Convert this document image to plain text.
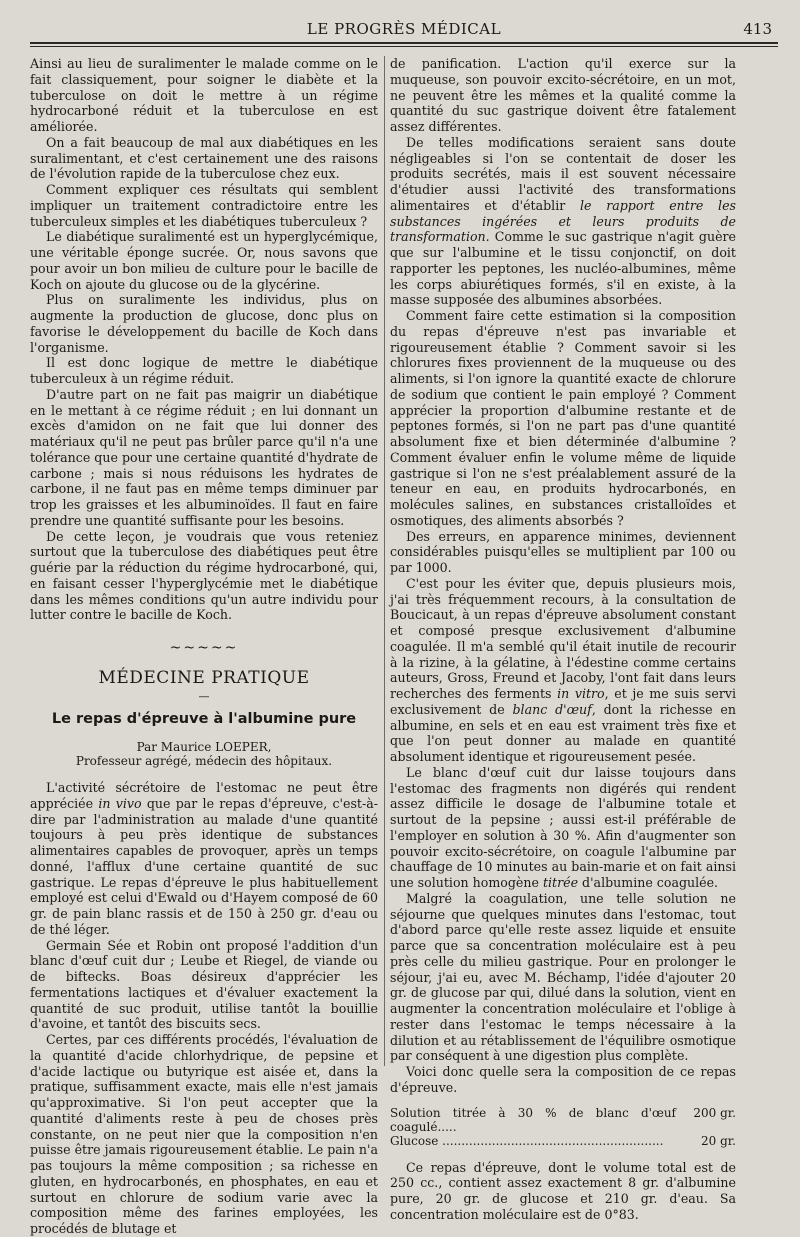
LE PROGRÈS MÉDICAL	413

Ainsi au lieu de suralimenter le malade comme on le fait classiquement, pour soigner le diabète et la tuberculose on doit le mettre à un régime hydrocarboné réduit et la tuberculose en est améliorée.

On a fait beaucoup de mal aux diabétiques en les suralimentant, et c'est certainement une des raisons de l'évolution rapide de la tuberculose chez eux.

Comment expliquer ces résultats qui semblent impliquer un traitement contradictoire entre les tuberculeux simples et les diabétiques tuberculeux ?

Le diabétique suralimenté est un hyperglycémique, une véritable éponge sucrée. Or, nous savons que pour avoir un bon milieu de culture pour le bacille de Koch on ajoute du glucose ou de la glycérine.

Plus on suralimente les individus, plus on augmente la production de glucose, donc plus on favorise le développement du bacille de Koch dans l'organisme.

Il est donc logique de mettre le diabétique tuberculeux à un régime réduit.

D'autre part on ne fait pas maigrir un diabétique en le mettant à ce régime réduit ; en lui donnant un excès d'amidon on ne fait que lui donner des matériaux qu'il ne peut pas brûler parce qu'il n'a une tolérance que pour une certaine quantité d'hydrate de carbone ; mais si nous réduisons les hydrates de carbone, il ne faut pas en même temps diminuer par trop les graisses et les albuminoïdes. Il faut en faire prendre une quantité suffisante pour les besoins.

De cette leçon, je voudrais que vous reteniez surtout que la tuberculose des diabétiques peut être guérie par la réduction du régime hydrocarboné, qui, en faisant cesser l'hyperglycémie met le diabétique dans les mêmes conditions qu'un autre individu pour lutter contre le bacille de Koch.

~~~~~
MÉDECINE PRATIQUE
—
Le repas d'épreuve à l'albumine pure
Par Maurice LOEPER,
Professeur agrégé, médecin des hôpitaux.

L'activité sécrétoire de l'estomac ne peut être appréciée in vivo que par le repas d'épreuve, c'est-à-dire par l'administration au malade d'une quantité toujours à peu près identique de substances alimentaires capables de provoquer, après un temps donné, l'afflux d'une certaine quantité de suc gastrique. Le repas d'épreuve le plus habituellement employé est celui d'Ewald ou d'Hayem composé de 60 gr. de pain blanc rassis et de 150 à 250 gr. d'eau ou de thé léger.

Germain Sée et Robin ont proposé l'addition d'un blanc d'œuf cuit dur ; Leube et Riegel, de viande ou de biftecks. Boas désireux d'apprécier les fermentations lactiques et d'évaluer exactement la quantité de suc produit, utilise tantôt la bouillie d'avoine, et tantôt des biscuits secs.

Certes, par ces différents procédés, l'évaluation de la quantité d'acide chlorhydrique, de pepsine et d'acide lactique ou butyrique est aisée et, dans la pratique, suffisamment exacte, mais elle n'est jamais qu'approximative. Si l'on peut accepter que la quantité d'aliments reste à peu de choses près constante, on ne peut nier que la composition n'en puisse être jamais rigoureusement établie. Le pain n'a pas toujours la même composition ; sa richesse en gluten, en hydrocarbonés, en phosphates, en eau et surtout en chlorure de sodium varie avec la composition même des farines employées, les procédés de blutage et

de panification. L'action qu'il exerce sur la muqueuse, son pouvoir excito-sécrétoire, en un mot, ne peuvent être les mêmes et la qualité comme la quantité du suc gastrique doivent être fatalement assez différentes.

De telles modifications seraient sans doute négligeables si l'on se contentait de doser les produits secrétés, mais il est souvent nécessaire d'étudier aussi l'activité des transformations alimentaires et d'établir le rapport entre les substances ingérées et leurs produits de transformation. Comme le suc gastrique n'agit guère que sur l'albumine et le tissu conjonctif, on doit rapporter les peptones, les nucléo-albumines, même les corps abiurétiques formés, s'il en existe, à la masse supposée des albumines absorbées.

Comment faire cette estimation si la composition du repas d'épreuve n'est pas invariable et rigoureusement établie ? Comment savoir si les chlorures fixes proviennent de la muqueuse ou des aliments, si l'on ignore la quantité exacte de chlorure de sodium que contient le pain employé ? Comment apprécier la proportion d'albumine restante et de peptones formés, si l'on ne part pas d'une quantité absolument fixe et bien déterminée d'albumine ? Comment évaluer enfin le volume même de liquide gastrique si l'on ne s'est préalablement assuré de la teneur en eau, en produits hydrocarbonés, en molécules salines, en substances cristalloïdes et osmotiques, des aliments absorbés ?

Des erreurs, en apparence minimes, deviennent considérables puisqu'elles se multiplient par 100 ou par 1000.

C'est pour les éviter que, depuis plusieurs mois, j'ai très fréquemment recours, à la consultation de Boucicaut, à un repas d'épreuve absolument constant et composé presque exclusivement d'albumine coagulée. Il m'a semblé qu'il était inutile de recourir à la rizine, à la gélatine, à l'édestine comme certains auteurs, Gross, Freund et Jacoby, l'ont fait dans leurs recherches des ferments in vitro, et je me suis servi exclusivement de blanc d'œuf, dont la richesse en albumine, en sels et en eau est vraiment très fixe et que l'on peut donner au malade en quantité absolument identique et rigoureusement pesée.

Le blanc d'œuf cuit dur laisse toujours dans l'estomac des fragments non digérés qui rendent assez difficile le dosage de l'albumine totale et surtout de la pepsine ; aussi est-il préférable de l'employer en solution à 30 %. Afin d'augmenter son pouvoir excito-sécrétoire, on coagule l'albumine par chauffage de 10 minutes au bain-marie et on fait ainsi une solution homogène titrée d'albumine coagulée.

Malgré la coagulation, une telle solution ne séjourne que quelques minutes dans l'estomac, tout d'abord parce qu'elle reste assez liquide et ensuite parce que sa concentration moléculaire est à peu près celle du milieu gastrique. Pour en prolonger le séjour, j'ai eu, avec M. Béchamp, l'idée d'ajouter 20 gr. de glucose par qui, dilué dans la solution, vient en augmenter la concentration moléculaire et l'oblige à rester dans l'estomac le temps nécessaire à la dilution et au rétablissement de l'équilibre osmotique par conséquent à une digestion plus complète.

Voici donc quelle sera la composition de ce repas d'épreuve.

Solution titrée à 30 % de blanc d'œuf coagulé.....
200 gr.
Glucose ..........................................................	20 gr.

Ce repas d'épreuve, dont le volume total est de 250 cc., contient assez exactement 8 gr. d'albumine pure, 20 gr. de glucose et 210 gr. d'eau. Sa concentration moléculaire est de 0°83.
